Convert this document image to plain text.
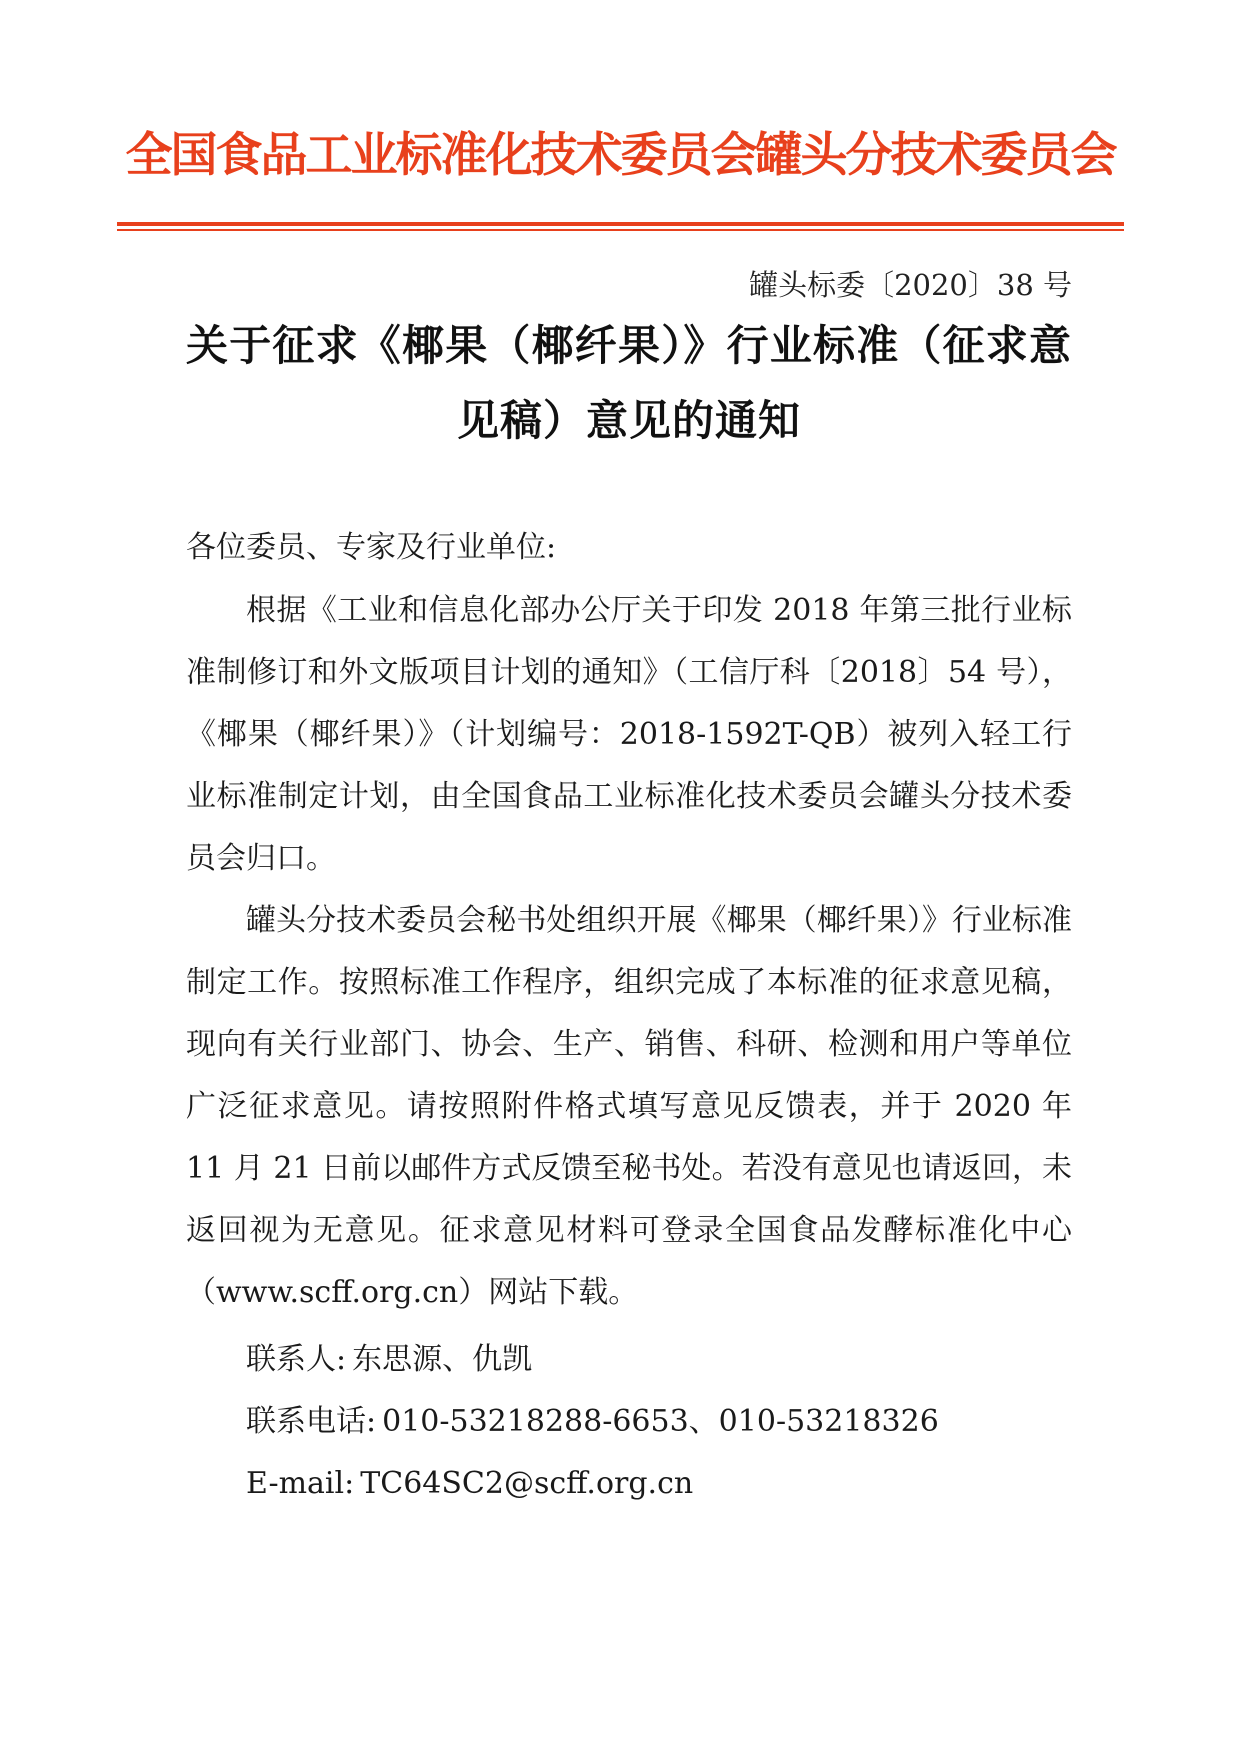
全国食品工业标准化技术委员会罐头分技术委员会
罐头标委〔2020〕38 号
关于征求《椰果（椰纤果）》行业标准（征求意见稿）意见的通知
各位委员、专家及行业单位:

根据《工业和信息化部办公厅关于印发 2018 年第三批行业标准制修订和外文版项目计划的通知》（工信厅科〔2018〕54 号），《椰果（椰纤果）》（计划编号：2018-1592T-QB）被列入轻工行业标准制定计划，由全国食品工业标准化技术委员会罐头分技术委员会归口。

罐头分技术委员会秘书处组织开展《椰果（椰纤果）》行业标准制定工作。按照标准工作程序，组织完成了本标准的征求意见稿，现向有关行业部门、协会、生产、销售、科研、检测和用户等单位广泛征求意见。请按照附件格式填写意见反馈表，并于 2020 年 11 月 21 日前以邮件方式反馈至秘书处。若没有意见也请返回，未返回视为无意见。征求意见材料可登录全国食品发酵标准化中心（www.scff.org.cn）网站下载。

联系人: 东思源、仇凯
联系电话: 010-53218288-6653、010-53218326
E-mail: TC64SC2@scff.org.cn
